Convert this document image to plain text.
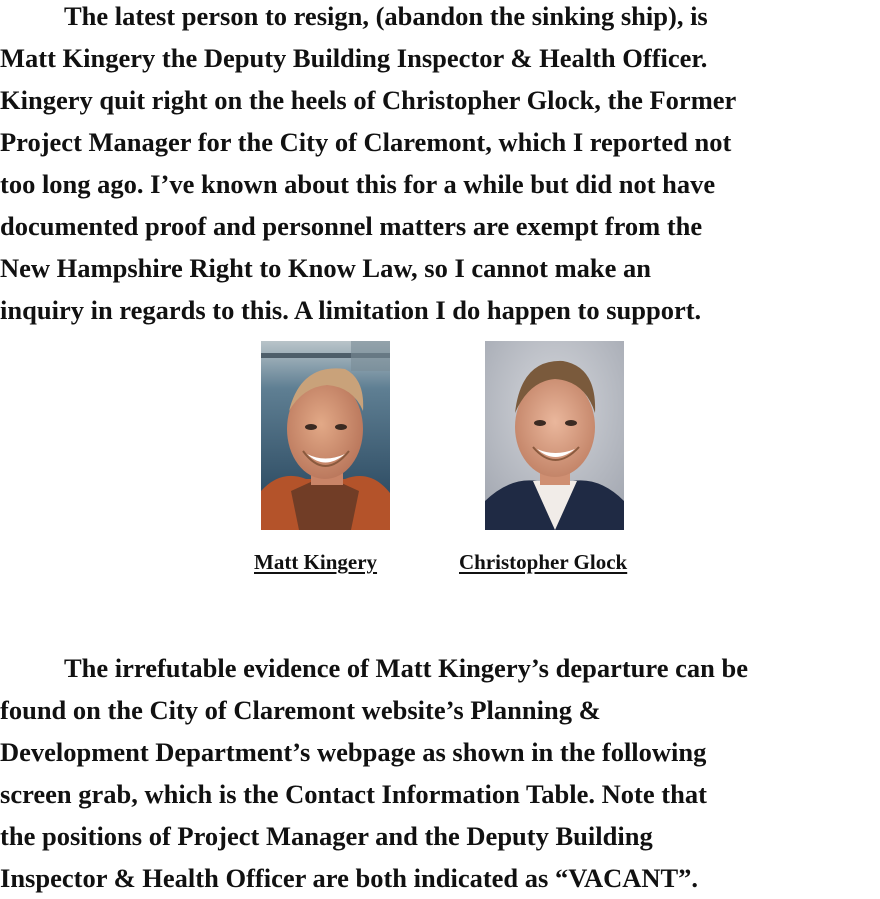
The latest person to resign, (abandon the sinking ship), is
Matt Kingery the Deputy Building Inspector & Health Officer.
Kingery quit right on the heels of Christopher Glock, the Former
Project Manager for the City of Claremont, which I reported not
too long ago. I’ve known about this for a while but did not have
documented proof and personnel matters are exempt from the
New Hampshire Right to Know Law, so I cannot make an
inquiry in regards to this. A limitation I do happen to support.
Matt Kingery	Christopher Glock
The irrefutable evidence of Matt Kingery’s departure can be
found on the City of Claremont website’s Planning &
Development Department’s webpage as shown in the following
screen grab, which is the Contact Information Table. Note that
the positions of Project Manager and the Deputy Building
Inspector & Health Officer are both indicated as “VACANT”.
